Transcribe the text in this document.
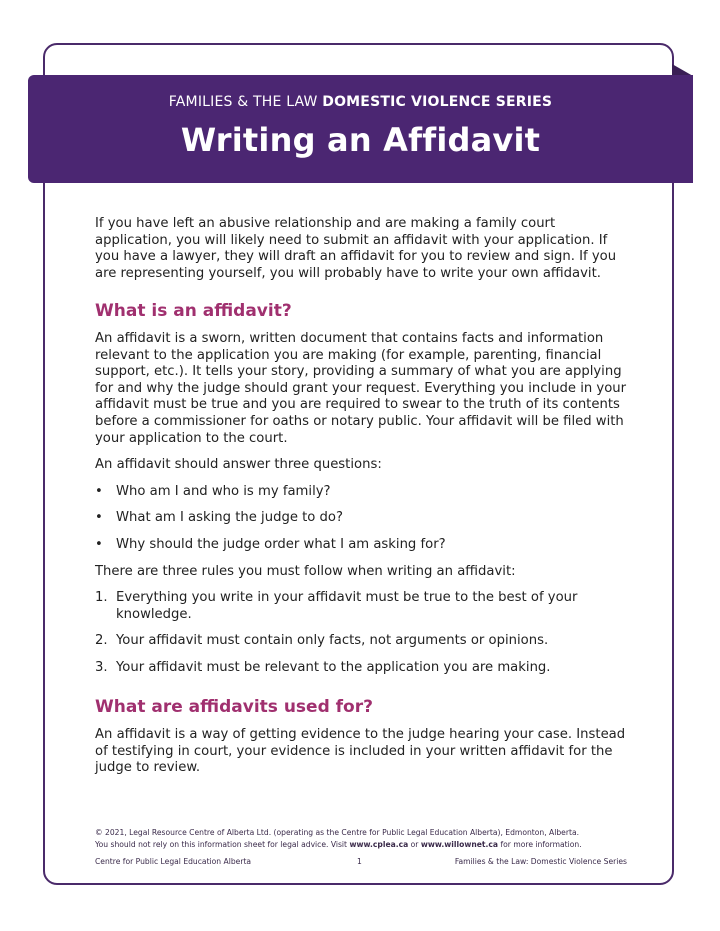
FAMILIES & THE LAW DOMESTIC VIOLENCE SERIES
Writing an Affidavit

If you have left an abusive relationship and are making a family court application, you will likely need to submit an affidavit with your application. If you have a lawyer, they will draft an affidavit for you to review and sign. If you are representing yourself, you will probably have to write your own affidavit.

What is an affidavit?

An affidavit is a sworn, written document that contains facts and information relevant to the application you are making (for example, parenting, financial support, etc.). It tells your story, providing a summary of what you are applying for and why the judge should grant your request. Everything you include in your affidavit must be true and you are required to swear to the truth of its contents before a commissioner for oaths or notary public. Your affidavit will be filed with your application to the court.

An affidavit should answer three questions:

• Who am I and who is my family?
• What am I asking the judge to do?
• Why should the judge order what I am asking for?

There are three rules you must follow when writing an affidavit:

1. Everything you write in your affidavit must be true to the best of your knowledge.
2. Your affidavit must contain only facts, not arguments or opinions.
3. Your affidavit must be relevant to the application you are making.
What are affidavits used for?

An affidavit is a way of getting evidence to the judge hearing your case. Instead of testifying in court, your evidence is included in your written affidavit for the judge to review.

© 2021, Legal Resource Centre of Alberta Ltd. (operating as the Centre for Public Legal Education Alberta), Edmonton, Alberta.
You should not rely on this information sheet for legal advice. Visit www.cplea.ca or www.willownet.ca for more information.
Centre for Public Legal Education Alberta	1	Families & the Law: Domestic Violence Series
